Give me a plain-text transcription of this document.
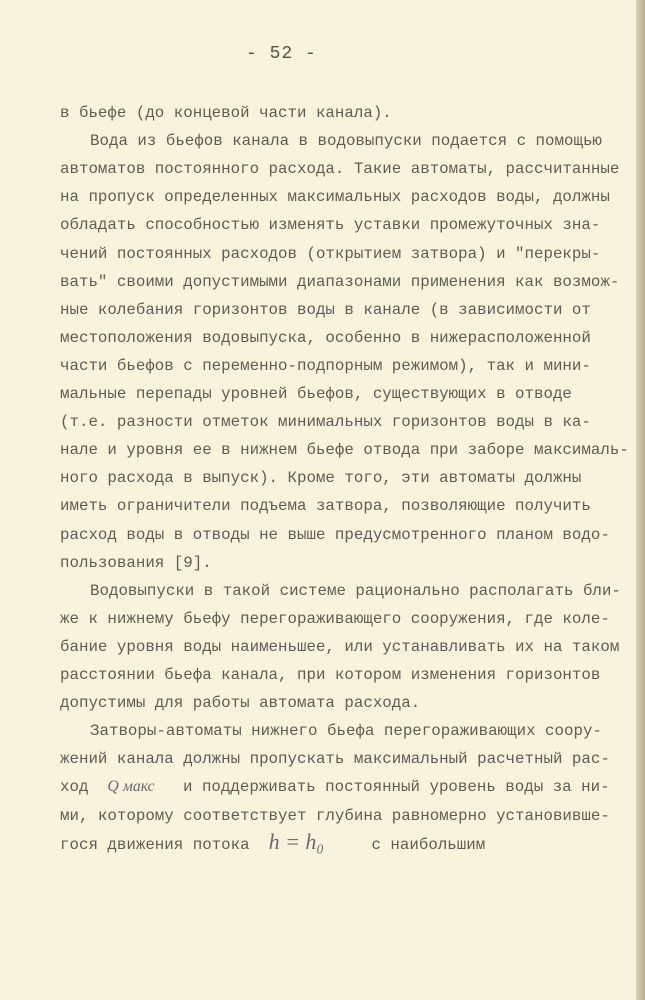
- 52 -
в бьефе (до концевой части канала).
Вода из бьефов канала в водовыпуски подается с помощью
автоматов постоянного расхода. Такие автоматы, рассчитанные
на пропуск определенных максимальных расходов воды, должны
обладать способностью изменять уставки промежуточных зна-
чений постоянных расходов (открытием затвора) и "перекры-
вать" своими допустимыми диапазонами применения как возмож-
ные колебания горизонтов воды в канале (в зависимости от
местоположения водовыпуска, особенно в нижерасположенной
части бьефов с переменно-подпорным режимом), так и мини-
мальные перепады уровней бьефов, существующих в отводе
(т.е. разности отметок минимальных горизонтов воды в ка-
нале и уровня ее в нижнем бьефе отвода при заборе максималь-
ного расхода в выпуск). Кроме того, эти автоматы должны
иметь ограничители подъема затвора, позволяющие получить
расход воды в отводы не выше предусмотренного планом водо-
пользования [9].
Водовыпуски в такой системе рационально располагать бли-
же к нижнему бьефу перегораживающего сооружения, где коле-
бание уровня воды наименьшее, или устанавливать их на таком
расстоянии бьефа канала, при котором изменения горизонтов
допустимы для работы автомата расхода.
Затворы-автоматы нижнего бьефа перегораживающих соору-
жений канала должны пропускать максимальный расчетный рас-
ход  Q макс   и поддерживать постоянный уровень воды за ни-
ми, которому соответствует глубина равномерно установивше-
гося движения потока  h = h₀     с наибольшим
